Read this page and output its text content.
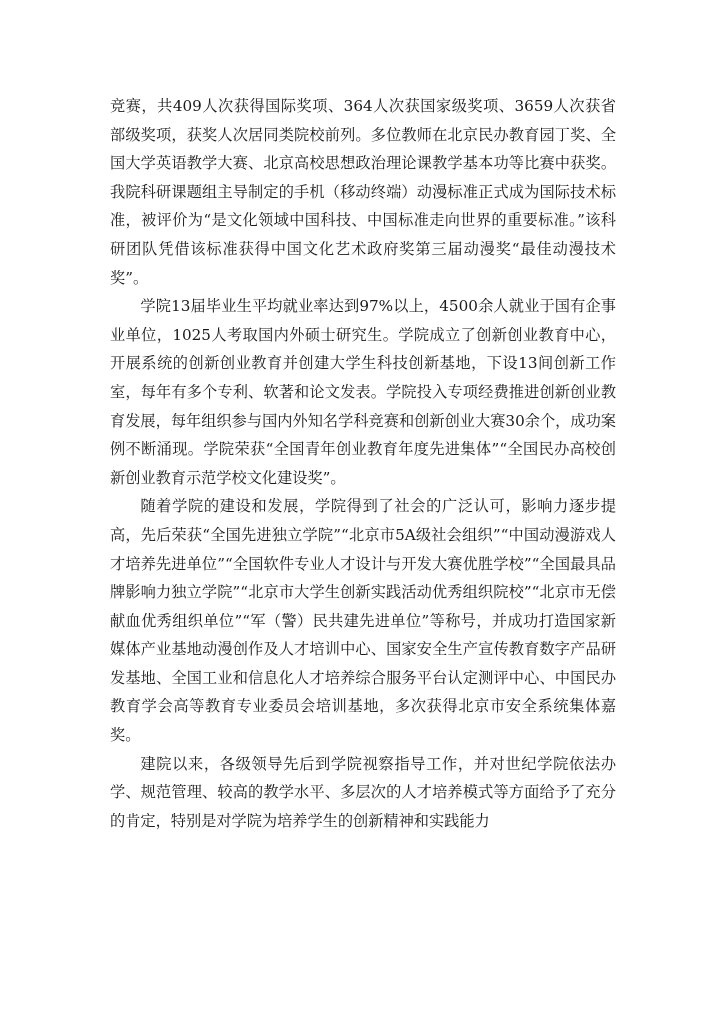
竞赛，共409人次获得国际奖项、364人次获国家级奖项、3659人次获省部级奖项，获奖人次居同类院校前列。多位教师在北京民办教育园丁奖、全国大学英语教学大赛、北京高校思想政治理论课教学基本功等比赛中获奖。我院科研课题组主导制定的手机（移动终端）动漫标准正式成为国际技术标准，被评价为“是文化领域中国科技、中国标准走向世界的重要标准。”该科研团队凭借该标准获得中国文化艺术政府奖第三届动漫奖“最佳动漫技术奖”。

学院13届毕业生平均就业率达到97%以上，4500余人就业于国有企事业单位，1025人考取国内外硕士研究生。学院成立了创新创业教育中心，开展系统的创新创业教育并创建大学生科技创新基地，下设13间创新工作室，每年有多个专利、软著和论文发表。学院投入专项经费推进创新创业教育发展，每年组织参与国内外知名学科竞赛和创新创业大赛30余个，成功案例不断涌现。学院荣获“全国青年创业教育年度先进集体”“全国民办高校创新创业教育示范学校文化建设奖”。

随着学院的建设和发展，学院得到了社会的广泛认可，影响力逐步提高，先后荣获“全国先进独立学院”“北京市5A级社会组织”“中国动漫游戏人才培养先进单位”“全国软件专业人才设计与开发大赛优胜学校”“全国最具品牌影响力独立学院”“北京市大学生创新实践活动优秀组织院校”“北京市无偿献血优秀组织单位”“军（警）民共建先进单位”等称号，并成功打造国家新媒体产业基地动漫创作及人才培训中心、国家安全生产宣传教育数字产品研发基地、全国工业和信息化人才培养综合服务平台认定测评中心、中国民办教育学会高等教育专业委员会培训基地，多次获得北京市安全系统集体嘉奖。

建院以来，各级领导先后到学院视察指导工作，并对世纪学院依法办学、规范管理、较高的教学水平、多层次的人才培养模式等方面给予了充分的肯定，特别是对学院为培养学生的创新精神和实践能力
